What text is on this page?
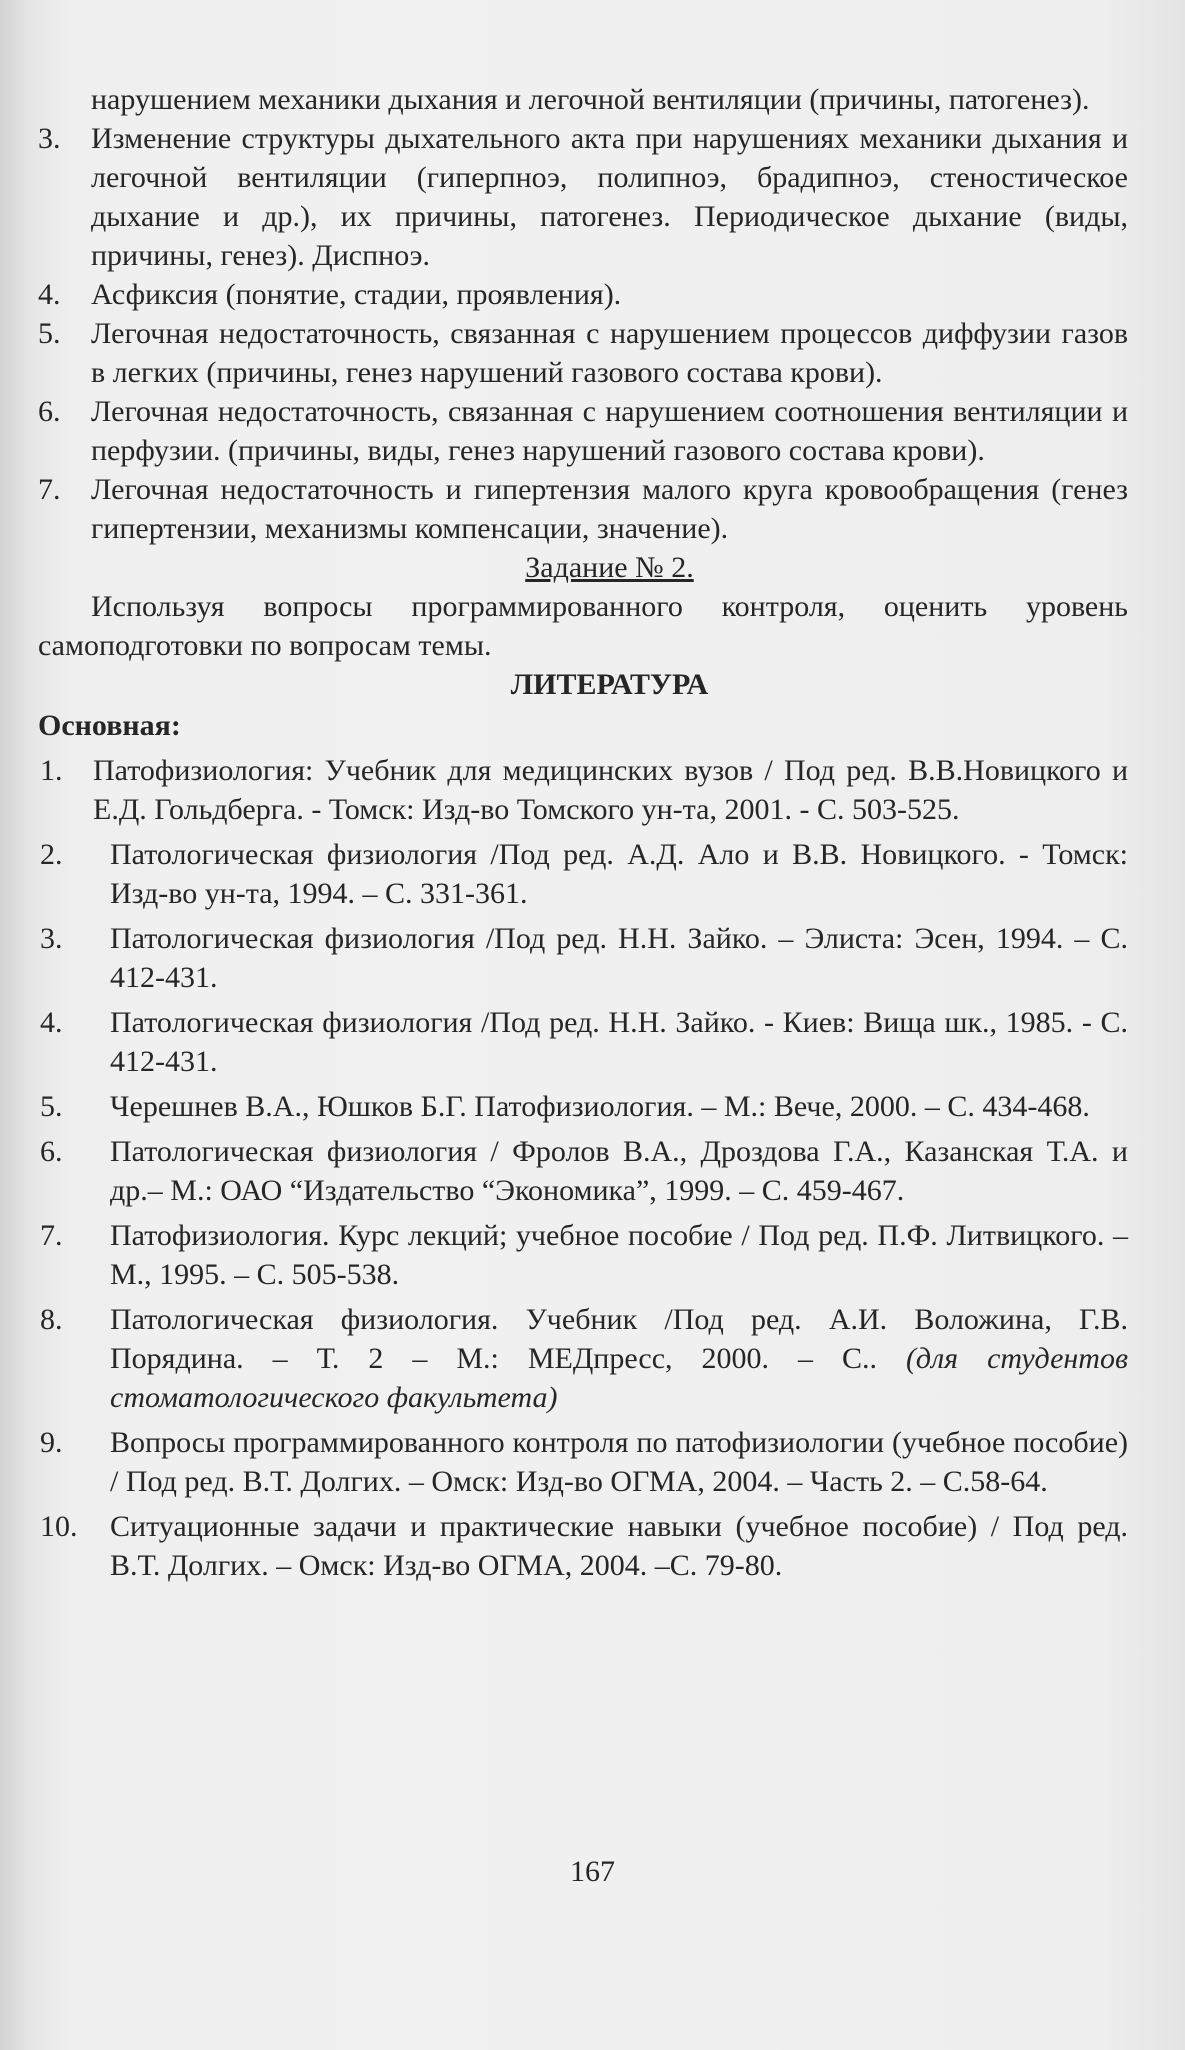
нарушением механики дыхания и легочной вентиляции (причины, патогенез).
3.	Изменение структуры дыхательного акта при нарушениях механики дыхания и легочной вентиляции (гиперпноэ, полипноэ, брадипноэ, стеностическое дыхание и др.), их причины, патогенез. Периодическое дыхание (виды, причины, генез). Диспноэ.
4.	Асфиксия (понятие, стадии, проявления).
5.	Легочная недостаточность, связанная с нарушением процессов диффузии газов в легких (причины, генез нарушений газового состава крови).
6.	Легочная недостаточность, связанная с нарушением соотношения вентиляции и перфузии. (причины, виды, генез нарушений газового состава крови).
7.	Легочная недостаточность и гипертензия малого круга кровообращения (генез гипертензии, механизмы компенсации, значение).
Задание № 2.
Используя вопросы программированного контроля, оценить уровень самоподготовки по вопросам темы.
ЛИТЕРАТУРА
Основная:
1.	Патофизиология: Учебник для медицинских вузов / Под ред. В.В.Новицкого и Е.Д. Гольдберга. - Томск: Изд-во Томского ун-та, 2001. - С. 503-525.
2.	Патологическая физиология /Под ред. А.Д. Ало и В.В. Новицкого. - Томск: Изд-во ун-та, 1994. – С. 331-361.
3.	Патологическая физиология /Под ред. Н.Н. Зайко. – Элиста: Эсен, 1994. – С. 412-431.
4.	Патологическая физиология /Под ред. Н.Н. Зайко. - Киев: Вища шк., 1985. - С. 412-431.
5.	Черешнев В.А., Юшков Б.Г. Патофизиология. – М.: Вече, 2000. – С. 434-468.
6.	Патологическая физиология / Фролов В.А., Дроздова Г.А., Казанская Т.А. и др.– М.: ОАО “Издательство “Экономика”, 1999. – С. 459-467.
7.	Патофизиология. Курс лекций; учебное пособие / Под ред. П.Ф. Литвицкого. – М., 1995. – С. 505-538.
8.	Патологическая физиология. Учебник /Под ред. А.И. Воложина, Г.В. Порядина. – Т. 2 – М.: МЕДпресс, 2000. – С.. (для студентов стоматологического факультета)
9.	Вопросы программированного контроля по патофизиологии (учебное пособие) / Под ред. В.Т. Долгих. – Омск: Изд-во ОГМА, 2004. – Часть 2. – С.58-64.
10.	Ситуационные задачи и практические навыки (учебное пособие) / Под ред. В.Т. Долгих. – Омск: Изд-во ОГМА, 2004. –С. 79-80.
167
